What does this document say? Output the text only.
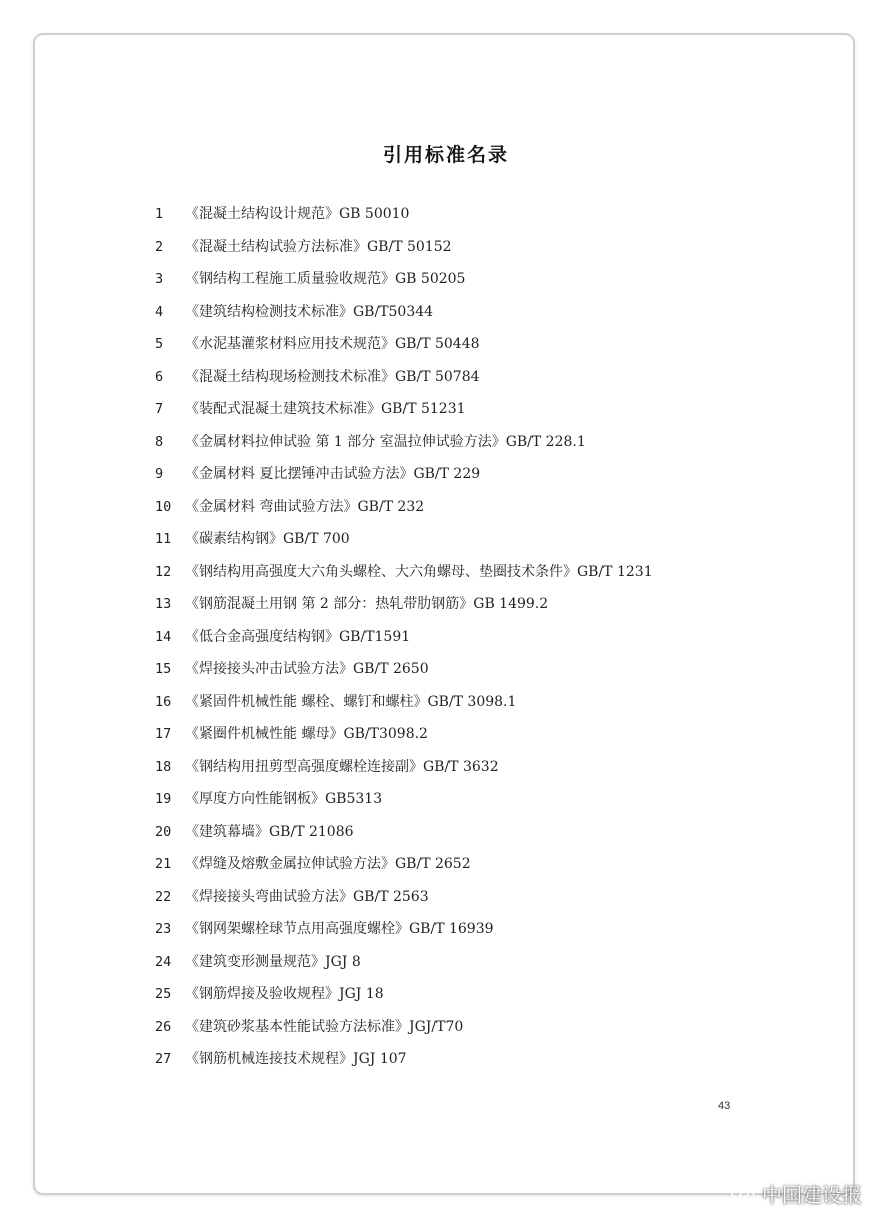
引用标准名录
1	《混凝土结构设计规范》GB 50010
2	《混凝土结构试验方法标准》GB/T 50152
3	《钢结构工程施工质量验收规范》GB 50205
4	《建筑结构检测技术标准》GB/T50344
5	《水泥基灌浆材料应用技术规范》GB/T 50448
6	《混凝土结构现场检测技术标准》GB/T 50784
7	《装配式混凝土建筑技术标准》GB/T 51231
8	《金属材料拉伸试验 第 1 部分 室温拉伸试验方法》GB/T 228.1
9	《金属材料 夏比摆锤冲击试验方法》GB/T 229
10 《金属材料 弯曲试验方法》GB/T 232
11 《碳素结构钢》GB/T 700
12 《钢结构用高强度大六角头螺栓、大六角螺母、垫圈技术条件》GB/T 1231
13 《钢筋混凝土用钢 第 2 部分：热轧带肋钢筋》GB 1499.2
14 《低合金高强度结构钢》GB/T1591
15 《焊接接头冲击试验方法》GB/T 2650
16 《紧固件机械性能 螺栓、螺钉和螺柱》GB/T 3098.1
17 《紧圈件机械性能 螺母》GB/T3098.2
18 《钢结构用扭剪型高强度螺栓连接副》GB/T 3632
19 《厚度方向性能钢板》GB5313
20 《建筑幕墙》GB/T 21086
21 《焊缝及熔敷金属拉伸试验方法》GB/T 2652
22 《焊接接头弯曲试验方法》GB/T 2563
23 《钢网架螺栓球节点用高强度螺栓》GB/T 16939
24 《建筑变形测量规范》JGJ 8
25 《钢筋焊接及验收规程》JGJ 18
26 《建筑砂浆基本性能试验方法标准》JGJ/T70
27 《钢筋机械连接技术规程》JGJ 107
43
中国建设报
